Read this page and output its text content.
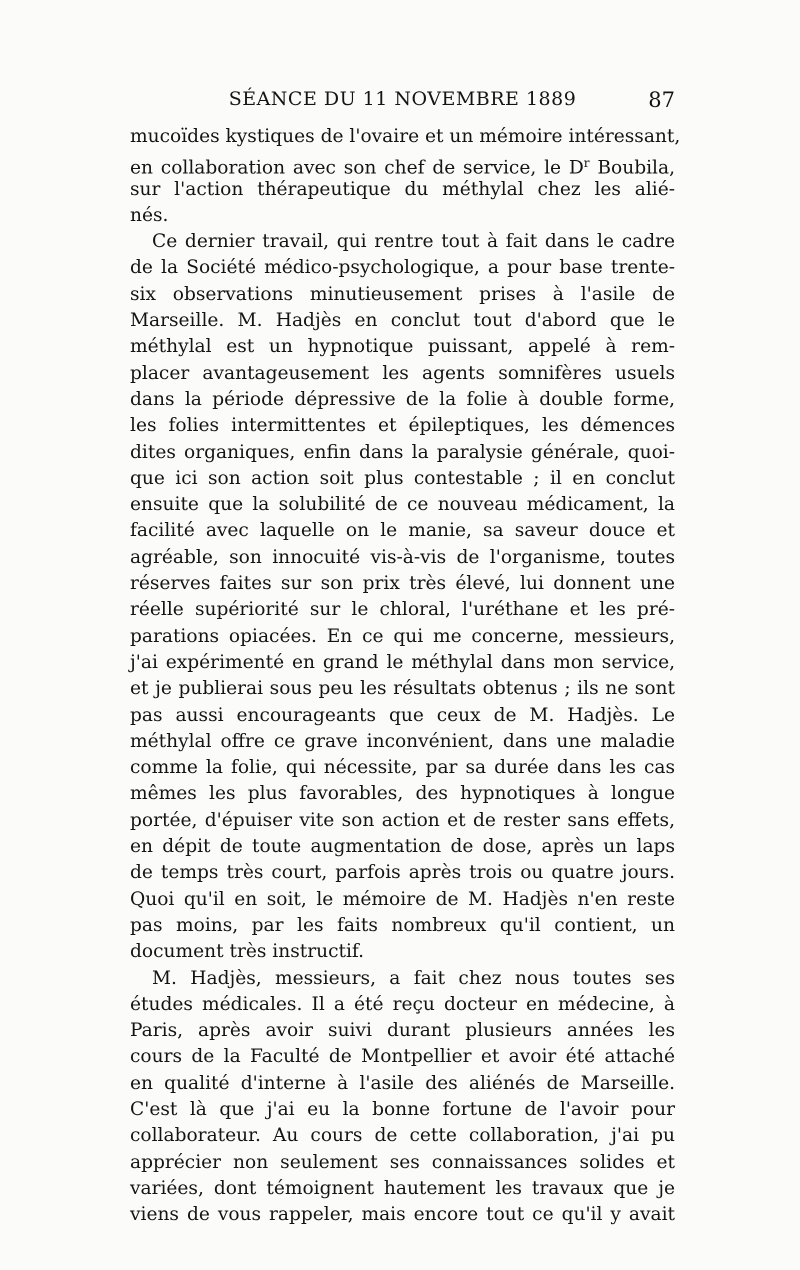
SÉANCE DU 11 NOVEMBRE 1889	87
mucoïdes kystiques de l'ovaire et un mémoire intéressant,
en collaboration avec son chef de service, le $D^r$ Boubila,
sur l'action thérapeutique du méthylal chez les alié-
nés.
Ce dernier travail, qui rentre tout à fait dans le cadre
de la Société médico-psychologique, a pour base trente-
six observations minutieusement prises à l'asile de
Marseille. M. Hadjès en conclut tout d'abord que le
méthylal est un hypnotique puissant, appelé à rem-
placer avantageusement les agents somnifères usuels
dans la période dépressive de la folie à double forme,
les folies intermittentes et épileptiques, les démences
dites organiques, enfin dans la paralysie générale, quoi-
que ici son action soit plus contestable ; il en conclut
ensuite que la solubilité de ce nouveau médicament, la
facilité avec laquelle on le manie, sa saveur douce et
agréable, son innocuité vis-à-vis de l'organisme, toutes
réserves faites sur son prix très élevé, lui donnent une
réelle supériorité sur le chloral, l'uréthane et les pré-
parations opiacées. En ce qui me concerne, messieurs,
j'ai expérimenté en grand le méthylal dans mon service,
et je publierai sous peu les résultats obtenus ; ils ne sont
pas aussi encourageants que ceux de M. Hadjès. Le
méthylal offre ce grave inconvénient, dans une maladie
comme la folie, qui nécessite, par sa durée dans les cas
mêmes les plus favorables, des hypnotiques à longue
portée, d'épuiser vite son action et de rester sans effets,
en dépit de toute augmentation de dose, après un laps
de temps très court, parfois après trois ou quatre jours.
Quoi qu'il en soit, le mémoire de M. Hadjès n'en reste
pas moins, par les faits nombreux qu'il contient, un
document très instructif.
M. Hadjès, messieurs, a fait chez nous toutes ses
études médicales. Il a été reçu docteur en médecine, à
Paris, après avoir suivi durant plusieurs années les
cours de la Faculté de Montpellier et avoir été attaché
en qualité d'interne à l'asile des aliénés de Marseille.
C'est là que j'ai eu la bonne fortune de l'avoir pour
collaborateur. Au cours de cette collaboration, j'ai pu
apprécier non seulement ses connaissances solides et
variées, dont témoignent hautement les travaux que je
viens de vous rappeler, mais encore tout ce qu'il y avait
